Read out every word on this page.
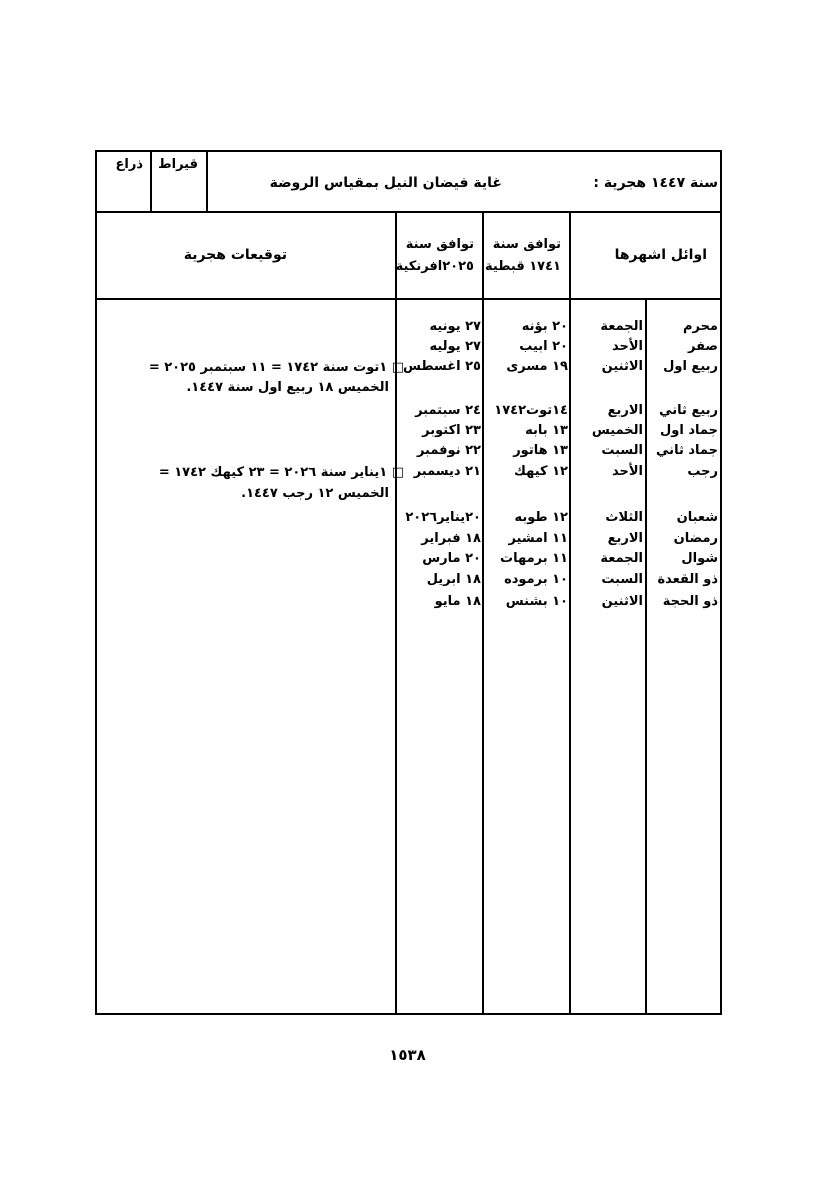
سنة ١٤٤٧ هجرية :
غاية فيضان النيل بمقياس الروضة
قيراط
ذراع
اوائل اشهرها
توافق سنة
١٧٤١ قبطية
توافق سنة
٢٠٢٥افرنكية
توقيعات هجرية
محرم
الجمعة
٢٠ بؤنه
٢٧ يونيه
صفر
الأحد
٢٠ ابيب
٢٧ يوليه
ربيع اول
الاثنين
١٩ مسرى
٢٥ اغسطس
ربيع ثاني
الاربع
١٤توت١٧٤٢
٢٤ سبتمبر
جماد اول
الخميس
١٣ بابه
٢٣ اكتوبر
جماد ثاني
السبت
١٣ هاتور
٢٢ نوفمبر
رجب
الأحد
١٢ كيهك
٢١ ديسمبر
شعبان
الثلاث
١٢ طوبه
٢٠يناير٢٠٢٦
رمضان
الاربع
١١ امشير
١٨ فبراير
شوال
الجمعة
١١ برمهات
٢٠ مارس
ذو القعدة
السبت
١٠ برموده
١٨ ابريل
ذو الحجة
الاثنين
١٠ بشنس
١٨ مايو
□ ١توت سنة ١٧٤٢ = ١١ سبتمبر ٢٠٢٥ =
الخميس ١٨ ربيع اول سنة ١٤٤٧.
□ ١يناير سنة ٢٠٢٦ = ٢٣ كيهك ١٧٤٢ =
الخميس ١٢ رجب ١٤٤٧.
١٥٣٨
